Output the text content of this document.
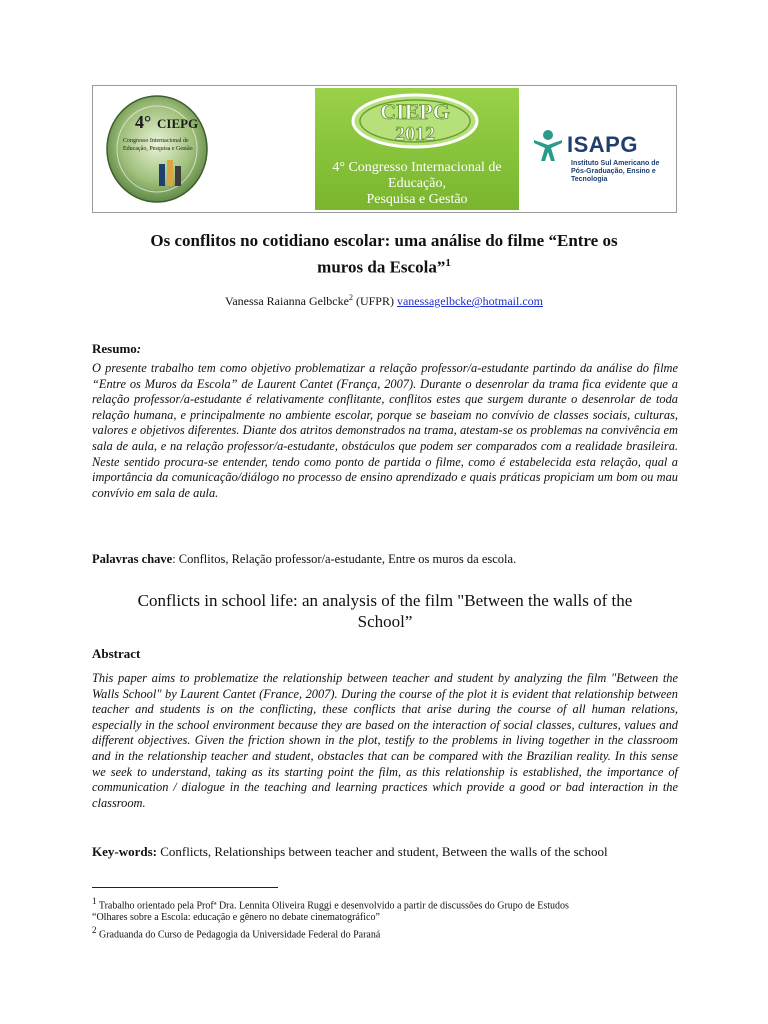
4° CIEPG
Congresso Internacional de
Educação, Pesquisa e Gestão
CIEPG
2012
4° Congresso Internacional de Educação,
Pesquisa e Gestão
ISAPG
Instituto Sul Americano de
Pós-Graduação, Ensino e Tecnologia
Os conflitos no cotidiano escolar: uma análise do filme “Entre os
muros da Escola”$^1$
Vanessa Raianna Gelbcke$^2$ (UFPR) vanessagelbcke@hotmail.com
Resumo:
O presente trabalho tem como objetivo problematizar a relação professor/a-estudante partindo da análise do filme “Entre os Muros da Escola” de Laurent Cantet (França, 2007). Durante o desenrolar da trama fica evidente que a relação professor/a-estudante é relativamente conflitante, conflitos estes que surgem durante o desenrolar de toda relação humana, e principalmente no ambiente escolar, porque se baseiam no convívio de classes sociais, culturas, valores e objetivos diferentes. Diante dos atritos demonstrados na trama, atestam-se os problemas na convivência em sala de aula, e na relação professor/a-estudante, obstáculos que podem ser comparados com a realidade brasileira. Neste sentido procura-se entender, tendo como ponto de partida o filme, como é estabelecida esta relação, qual a importância da comunicação/diálogo no processo de ensino aprendizado e quais práticas propiciam um bom ou mau convívio em sala de aula.
Palavras chave: Conflitos, Relação professor/a-estudante, Entre os muros da escola.
Conflicts in school life: an analysis of the film "Between the walls of the
School”
Abstract
This paper aims to problematize the relationship between teacher and student by analyzing the film "Between the Walls School" by Laurent Cantet (France, 2007). During the course of the plot it is evident that relationship between teacher and students is on the conflicting, these conflicts that arise during the course of all human relations, especially in the school environment because they are based on the interaction of social classes, cultures, values and different objectives. Given the friction shown in the plot, testify to the problems in living together in the classroom and in the relationship teacher and student, obstacles that can be compared with the Brazilian reality. In this sense we seek to understand, taking as its starting point the film, as this relationship is established, the importance of communication / dialogue in the teaching and learning practices which provide a good or bad interaction in the classroom.
Key-words: Conflicts, Relationships between teacher and student, Between the walls of the school

$^1$ Trabalho orientado pela Profª Dra. Lennita Oliveira Ruggi e desenvolvido a partir de discussões do Grupo de Estudos
“Olhares sobre a Escola: educação e gênero no debate cinematográfico”

$^2$ Graduanda do Curso de Pedagogia da Universidade Federal do Paraná
